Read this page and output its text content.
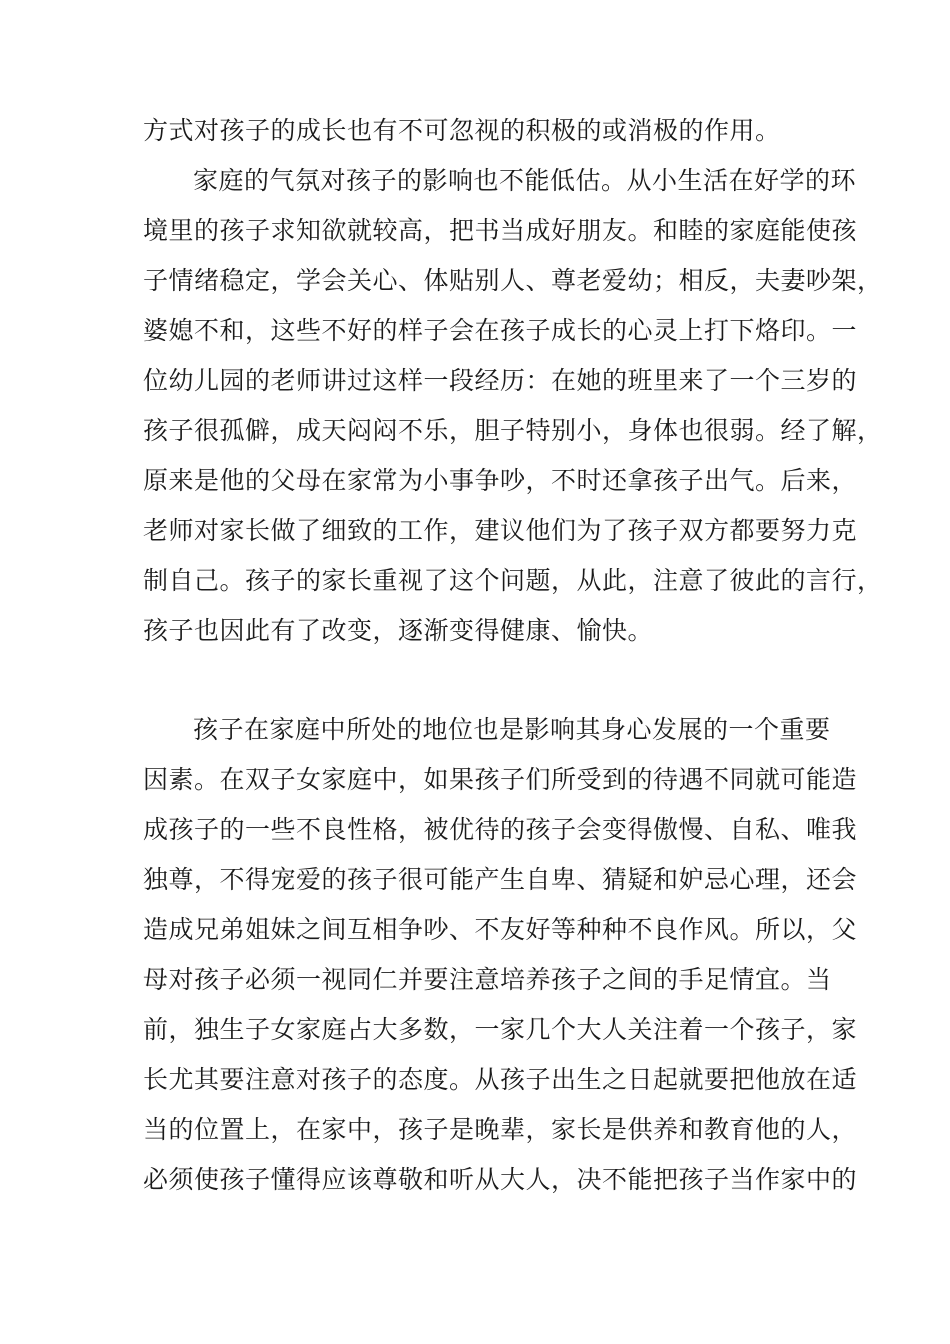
方式对孩子的成长也有不可忽视的积极的或消极的作用。
家庭的气氛对孩子的影响也不能低估。从小生活在好学的环
境里的孩子求知欲就较高，把书当成好朋友。和睦的家庭能使孩
子情绪稳定，学会关心、体贴别人、尊老爱幼；相反，夫妻吵架，
婆媳不和，这些不好的样子会在孩子成长的心灵上打下烙印。一
位幼儿园的老师讲过这样一段经历：在她的班里来了一个三岁的
孩子很孤僻，成天闷闷不乐，胆子特别小，身体也很弱。经了解，
原来是他的父母在家常为小事争吵，不时还拿孩子出气。后来，
老师对家长做了细致的工作，建议他们为了孩子双方都要努力克
制自己。孩子的家长重视了这个问题，从此，注意了彼此的言行，
孩子也因此有了改变，逐渐变得健康、愉快。
孩子在家庭中所处的地位也是影响其身心发展的一个重要
因素。在双子女家庭中，如果孩子们所受到的待遇不同就可能造
成孩子的一些不良性格，被优待的孩子会变得傲慢、自私、唯我
独尊，不得宠爱的孩子很可能产生自卑、猜疑和妒忌心理，还会
造成兄弟姐妹之间互相争吵、不友好等种种不良作风。所以，父
母对孩子必须一视同仁并要注意培养孩子之间的手足情宜。当
前，独生子女家庭占大多数，一家几个大人关注着一个孩子，家
长尤其要注意对孩子的态度。从孩子出生之日起就要把他放在适
当的位置上，在家中，孩子是晚辈，家长是供养和教育他的人，
必须使孩子懂得应该尊敬和听从大人，决不能把孩子当作家中的
